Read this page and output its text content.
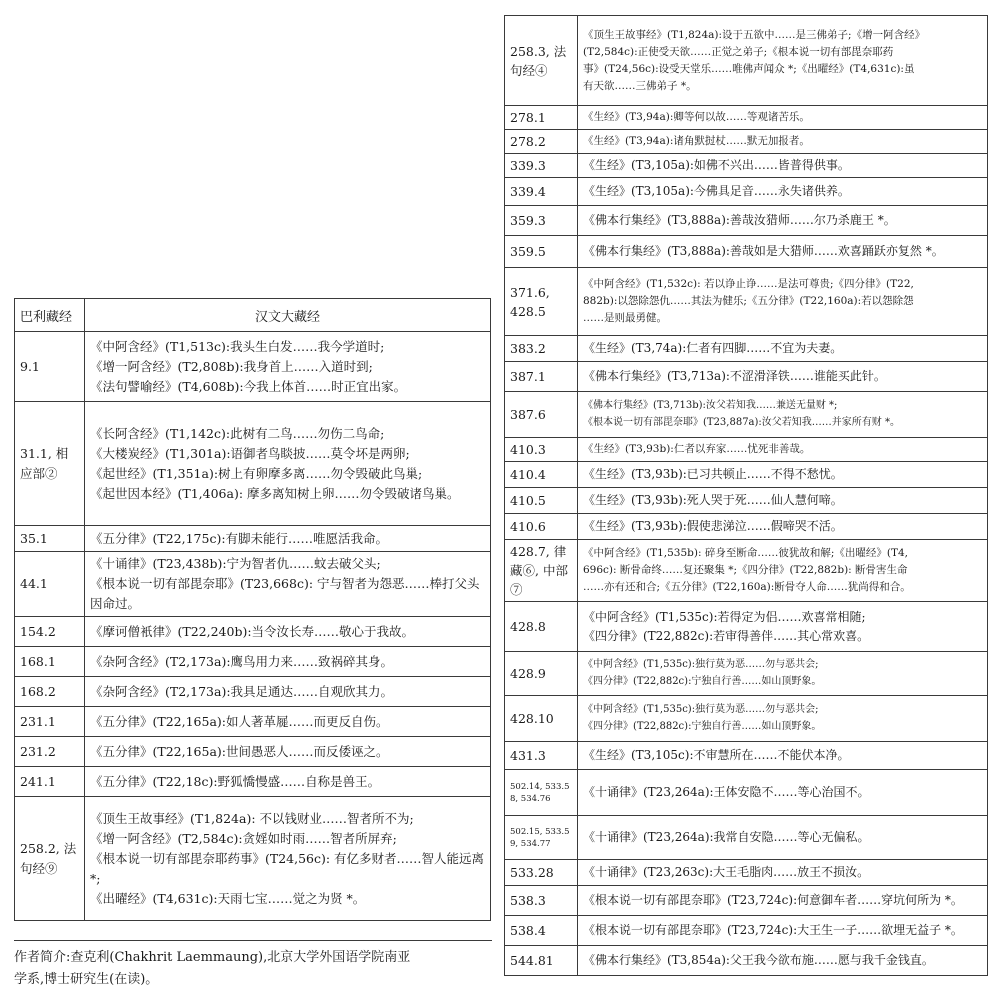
巴利藏经	汉文大藏经
9.1	《中阿含经》(T1,513c):我头生白发……我今学道时;
《增一阿含经》(T2,808b):我身首上……入道时到;
《法句譬喻经》(T4,608b):今我上体首……时正宜出家。

31.1, 相应部②	《长阿含经》(T1,142c):此树有二鸟……勿伤二鸟命;
《大楼炭经》(T1,301a):语御者鸟睒披……莫令坏是两卵;
《起世经》(T1,351a):树上有卵摩多离……勿令毁破此鸟巢;
《起世因本经》(T1,406a): 摩多离知树上卵……勿令毁破诸鸟巢。

35.1	《五分律》(T22,175c):有脚未能行……唯愿活我命。

44.1	《十诵律》(T23,438b):宁为智者仇……蚊去破父头;
《根本说一切有部毘奈耶》(T23,668c): 宁与智者为怨恶……棒打父头因命过。

154.2	《摩诃僧衹律》(T22,240b):当令汝长寿……敬心于我故。

168.1	《杂阿含经》(T2,173a):鹰鸟用力来……致祸碎其身。

168.2	《杂阿含经》(T2,173a):我具足通达……自观欣其力。

231.1	《五分律》(T22,165a):如人著革屣……而更反自伤。

231.2	《五分律》(T22,165a):世间愚恶人……而反倭诬之。

241.1	《五分律》(T22,18c):野狐憍慢盛……自称是兽王。

258.2, 法句经⑨	《顶生王故事经》(T1,824a): 不以钱财业……智者所不为;
《增一阿含经》(T2,584c):贪婬如时雨……智者所屏弃;
《根本说一切有部毘奈耶药事》(T24,56c): 有亿多财者……智人能远离 *;
《出曜经》(T4,631c):天雨七宝……觉之为贤 *。
258.3, 法句经④	《顶生王故事经》(T1,824a):设于五欲中……是三佛弟子;《增一阿含经》
(T2,584c):正使受天欲……正觉之弟子;《根本说一切有部毘奈耶药
事》(T24,56c):设受天堂乐……唯佛声闻众 *;《出曜经》(T4,631c):虽
有天欲……三佛弟子 *。

278.1	《生经》(T3,94a):卿等何以故……等观诸苦乐。

278.2	《生经》(T3,94a):诸角默挝杖……默无加报者。

339.3	《生经》(T3,105a):如佛不兴出……皆普得供事。

339.4	《生经》(T3,105a):今佛具足音……永失诸供养。

359.3	《佛本行集经》(T3,888a):善哉汝猎师……尔乃杀鹿王 *。

359.5	《佛本行集经》(T3,888a):善哉如是大猎师……欢喜踊跃亦复然 *。

371.6, 428.5	《中阿含经》(T1,532c): 若以诤止诤……是法可尊贵;《四分律》(T22,
882b):以怨除怨仇……其法为健乐;《五分律》(T22,160a):若以怨除怨
……是则最勇健。

383.2	《生经》(T3,74a):仁者有四脚……不宜为夫妻。

387.1	《佛本行集经》(T3,713a):不涩滑泽铁……谁能买此针。

387.6	《佛本行集经》(T3,713b):汝父若知我……兼送无量财 *;
《根本说一切有部毘奈耶》(T23,887a):汝父若知我……并家所有财 *。

410.3	《生经》(T3,93b):仁者以弃家……忧死非善哉。

410.4	《生经》(T3,93b):已习共顿止……不得不愁忧。

410.5	《生经》(T3,93b):死人哭于死……仙人慧何啼。

410.6	《生经》(T3,93b):假使悲涕泣……假啼哭不活。

428.7, 律藏⑥, 中部⑦	《中阿含经》(T1,535b): 碎身至断命……彼犹故和解;《出曜经》(T4,
696c): 断骨命终……复还聚集 *;《四分律》(T22,882b): 断骨害生命
……亦有还和合;《五分律》(T22,160a):断骨夺人命……犹尚得和合。

428.8	《中阿含经》(T1,535c):若得定为侣……欢喜常相随;
《四分律》(T22,882c):若审得善伴……其心常欢喜。

428.9	《中阿含经》(T1,535c):独行莫为恶……勿与恶共会;
《四分律》(T22,882c):宁独自行善……如山顶野象。

428.10	《中阿含经》(T1,535c):独行莫为恶……勿与恶共会;
《四分律》(T22,882c):宁独自行善……如山顶野象。

431.3	《生经》(T3,105c):不审慧所在……不能伏本净。

502.14, 533.5 8, 534.76	《十诵律》(T23,264a):王体安隐不……等心治国不。

502.15, 533.5 9, 534.77	《十诵律》(T23,264a):我常自安隐……等心无偏私。

533.28	《十诵律》(T23,263c):大王毛脂肉……放王不损汝。

538.3	《根本说一切有部毘奈耶》(T23,724c):何意御车者……穿坑何所为 *。

538.4	《根本说一切有部毘奈耶》(T23,724c):大王生一子……欲埋无益子 *。

544.81	《佛本行集经》(T3,854a):父王我今欲布施……愿与我千金钱直。
作者简介:查克利(Chakhrit Laemmaung),北京大学外国语学院南亚
学系,博士研究生(在读)。
